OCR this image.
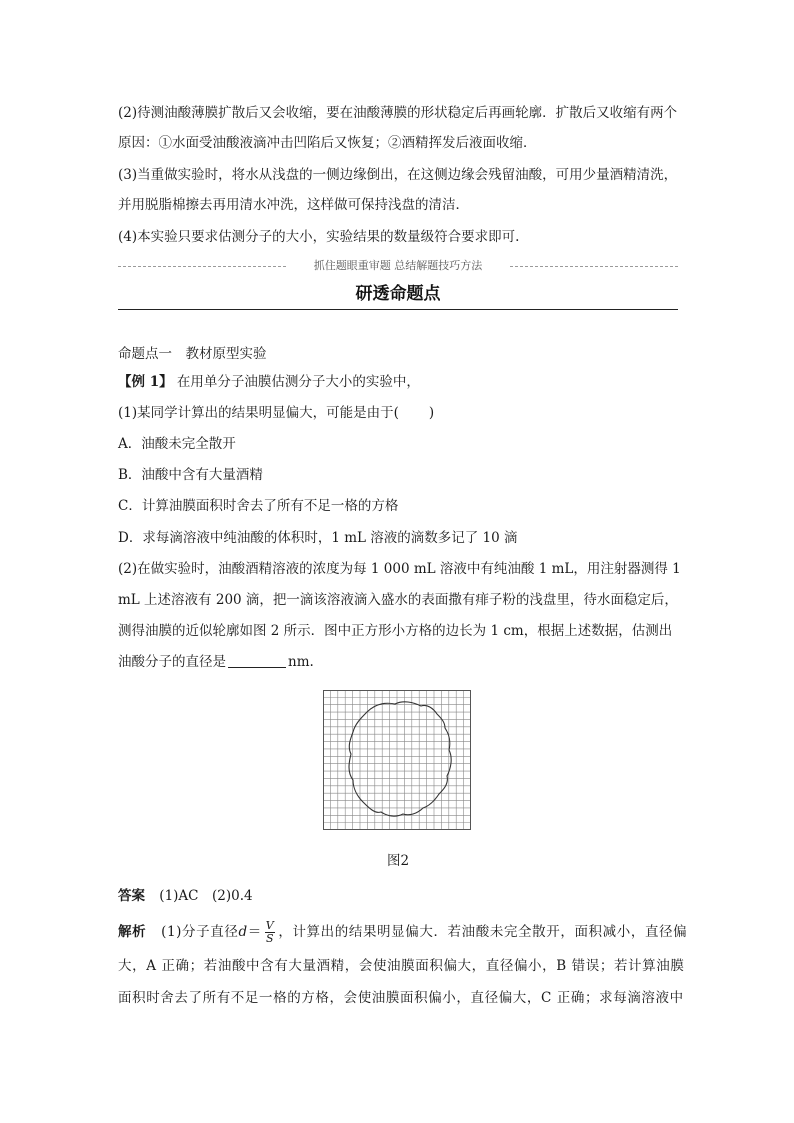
(2)待测油酸薄膜扩散后又会收缩，要在油酸薄膜的形状稳定后再画轮廓．扩散后又收缩有两个原因：①水面受油酸液滴冲击凹陷后又恢复；②酒精挥发后液面收缩．

(3)当重做实验时，将水从浅盘的一侧边缘倒出，在这侧边缘会残留油酸，可用少量酒精清洗，并用脱脂棉擦去再用清水冲洗，这样做可保持浅盘的清洁．

(4)本实验只要求估测分子的大小，实验结果的数量级符合要求即可.
抓住题眼重审题 总结解题技巧方法
研透命题点
命题点一　教材原型实验
【例 1】 在用单分子油膜估测分子大小的实验中，
(1)某同学计算出的结果明显偏大，可能是由于( )
A．油酸未完全散开
B．油酸中含有大量酒精
C．计算油膜面积时舍去了所有不足一格的方格
D．求每滴溶液中纯油酸的体积时，1 mL 溶液的滴数多记了 10 滴
(2)在做实验时，油酸酒精溶液的浓度为每 1 000 mL 溶液中有纯油酸 1 mL，用注射器测得 1
mL 上述溶液有 200 滴，把一滴该溶液滴入盛水的表面撒有痱子粉的浅盘里，待水面稳定后，
测得油膜的近似轮廓如图 2 所示．图中正方形小方格的边长为 1 cm，根据上述数据，估测出
油酸分子的直径是	nm.
图2
答案 (1)AC　(2)0.4
解析 (1)分子直径$d= \frac{V}{S}$ ，计算出的结果明显偏大．若油酸未完全散开，面积减小，直径偏
大，A 正确；若油酸中含有大量酒精，会使油膜面积偏大，直径偏小，B 错误；若计算油膜
面积时舍去了所有不足一格的方格，会使油膜面积偏小，直径偏大，C 正确；求每滴溶液中
